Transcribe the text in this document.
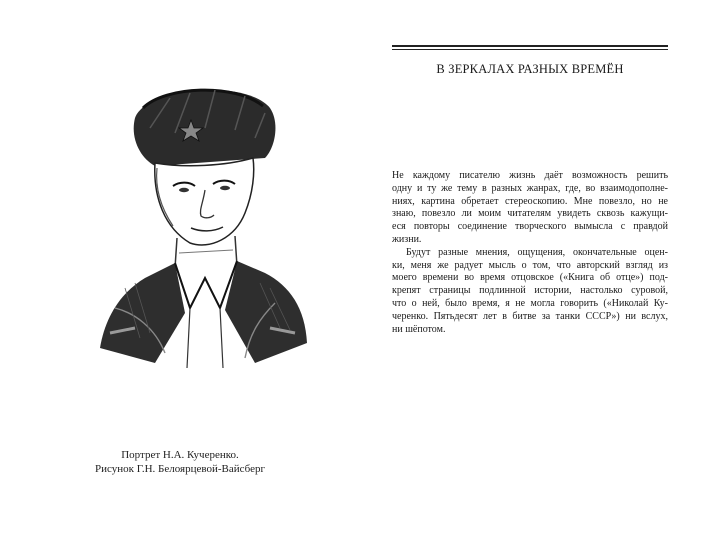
Портрет Н.А. Кучеренко.
Рисунок Г.Н. Белоярцевой-Вайсберг
В ЗЕРКАЛАХ РАЗНЫХ ВРЕМЁН
Не каждому писателю жизнь даёт возможность решить
одну и ту же тему в разных жанрах, где, во взаимодополне-
ниях, картина обретает стереоскопию. Мне повезло, но не
знаю, повезло ли моим читателям увидеть сквозь кажущи-
еся повторы соединение творческого вымысла с правдой
жизни.
Будут разные мнения, ощущения, окончательные оцен-
ки, меня же радует мысль о том, что авторский взгляд из
моего времени во время отцовское («Книга об отце») под-
крепят страницы подлинной истории, настолько суровой,
что о ней, было время, я не могла говорить («Николай Ку-
черенко. Пятьдесят лет в битве за танки СССР») ни вслух,
ни шёпотом.
